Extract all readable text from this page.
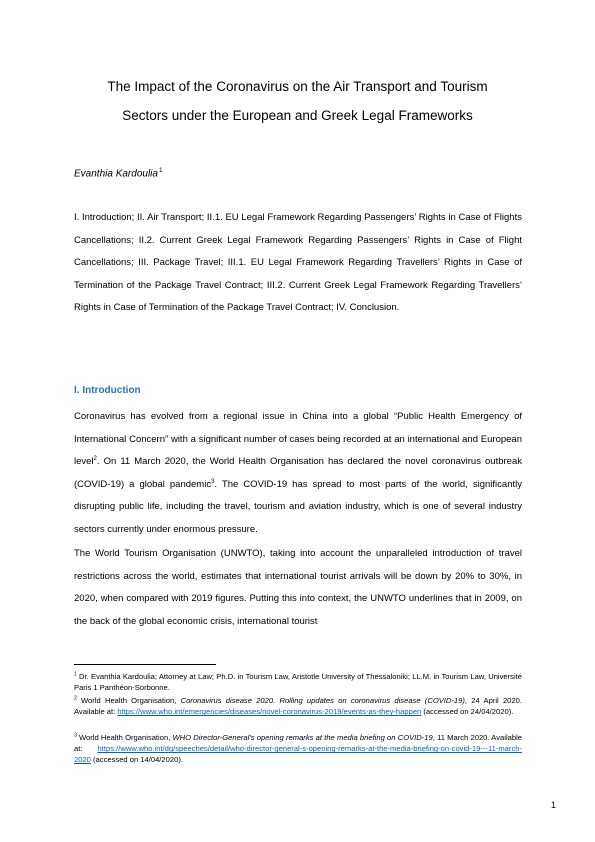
The Impact of the Coronavirus on the Air Transport and Tourism
Sectors under the European and Greek Legal Frameworks
Evanthia Kardoulia$^1$

I. Introduction; II. Air Transport; II.1. EU Legal Framework Regarding Passengers’ Rights in Case of Flights Cancellations; II.2. Current Greek Legal Framework Regarding Passengers’ Rights in Case of Flight Cancellations; III. Package Travel; III.1. EU Legal Framework Regarding Travellers’ Rights in Case of Termination of the Package Travel Contract; III.2. Current Greek Legal Framework Regarding Travellers’ Rights in Case of Termination of the Package Travel Contract; IV. Conclusion.

I. Introduction

Coronavirus has evolved from a regional issue in China into a global “Public Health Emergency of International Concern” with a significant number of cases being recorded at an international and European level$^2$. On 11 March 2020, the World Health Organisation has declared the novel coronavirus outbreak (COVID-19) a global pandemic$^3$. The COVID-19 has spread to most parts of the world, significantly disrupting public life, including the travel, tourism and aviation industry, which is one of several industry sectors currently under enormous pressure.

The World Tourism Organisation (UNWTO), taking into account the unparalleled introduction of travel restrictions across the world, estimates that international tourist arrivals will be down by 20% to 30%, in 2020, when compared with 2019 figures. Putting this into context, the UNWTO underlines that in 2009, on the back of the global economic crisis, international tourist

$^1$ Dr. Evanthia Kardoulia; Attorney at Law; Ph.D. in Tourism Law, Aristotle University of Thessaloniki; LL.M. in Tourism Law, Université Paris 1 Panthéon-Sorbonne.

$^2$ World Health Organisation, Coronavirus disease 2020. Rolling updates on coronavirus disease (COVID-19), 24 April 2020. Available at: https://www.who.int/emergencies/diseases/novel-coronavirus-2019/events-as-they-happen (accessed on 24/04/2020).

$^3$ World Health Organisation, WHO Director-General's opening remarks at the media briefing on COVID-19, 11 March 2020. Available at: https://www.who.int/dg/speeches/detail/who-director-general-s-opening-remarks-at-the-media-briefing-on-covid-19---11-march-2020 (accessed on 14/04/2020).

1
